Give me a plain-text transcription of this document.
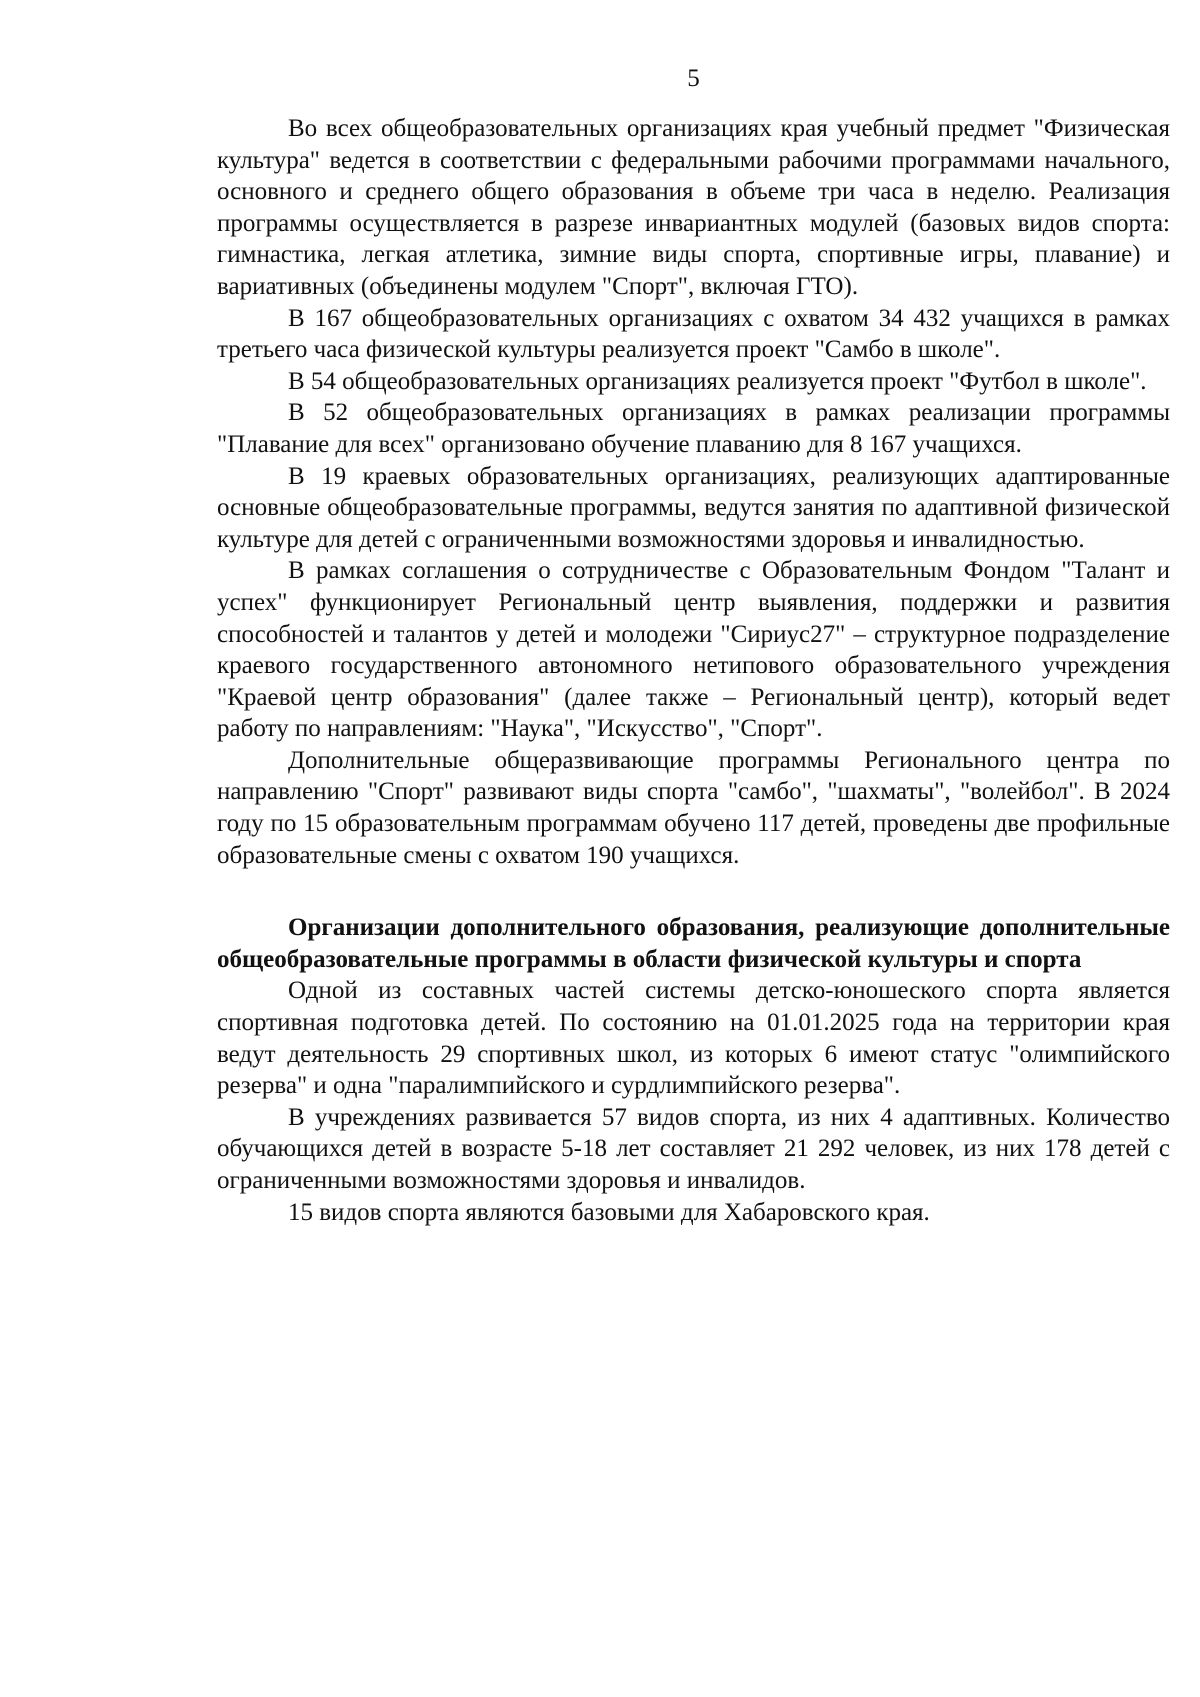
5

Во всех общеобразовательных организациях края учебный предмет "Физическая культура" ведется в соответствии с федеральными рабочими программами начального, основного и среднего общего образования в объеме три часа в неделю. Реализация программы осуществляется в разрезе инвариантных модулей (базовых видов спорта: гимнастика, легкая атлетика, зимние виды спорта, спортивные игры, плавание) и вариативных (объединены модулем "Спорт", включая ГТО).

В 167 общеобразовательных организациях с охватом 34 432 учащихся в рамках третьего часа физической культуры реализуется проект "Самбо в школе".

В 54 общеобразовательных организациях реализуется проект "Футбол в школе".

В 52 общеобразовательных организациях в рамках реализации программы "Плавание для всех" организовано обучение плаванию для 8 167 учащихся.

В 19 краевых образовательных организациях, реализующих адаптированные основные общеобразовательные программы, ведутся занятия по адаптивной физической культуре для детей с ограниченными возможностями здоровья и инвалидностью.

В рамках соглашения о сотрудничестве с Образовательным Фондом "Талант и успех" функционирует Региональный центр выявления, поддержки и развития способностей и талантов у детей и молодежи "Сириус27" – структурное подразделение краевого государственного автономного нетипового образовательного учреждения "Краевой центр образования" (далее также – Региональный центр), который ведет работу по направлениям: "Наука", "Искусство", "Спорт".

Дополнительные общеразвивающие программы Регионального центра по направлению "Спорт" развивают виды спорта "самбо", "шахматы", "волейбол". В 2024 году по 15 образовательным программам обучено 117 детей, проведены две профильные образовательные смены с охватом 190 учащихся.

Организации дополнительного образования, реализующие дополнительные общеобразовательные программы в области физической культуры и спорта

Одной из составных частей системы детско-юношеского спорта является спортивная подготовка детей. По состоянию на 01.01.2025 года на территории края ведут деятельность 29 спортивных школ, из которых 6 имеют статус "олимпийского резерва" и одна "паралимпийского и сурдлимпийского резерва".

В учреждениях развивается 57 видов спорта, из них 4 адаптивных. Количество обучающихся детей в возрасте 5-18 лет составляет 21 292 человек, из них 178 детей с ограниченными возможностями здоровья и инвалидов.

15 видов спорта являются базовыми для Хабаровского края.
